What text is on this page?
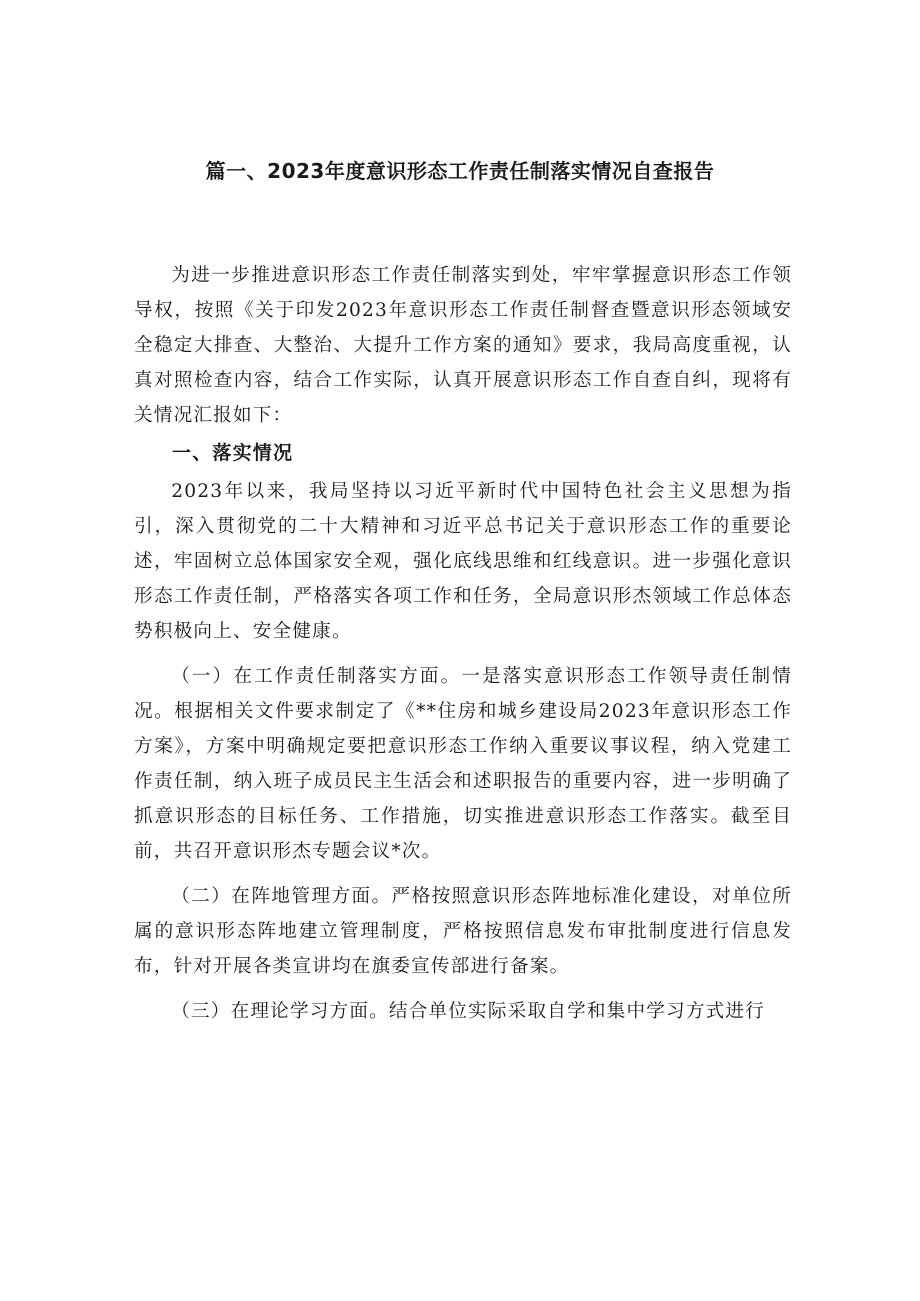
篇一、2023年度意识形态工作责任制落实情况自查报告

为进一步推进意识形态工作责任制落实到处，牢牢掌握意识形态工作领导权，按照《关于印发2023年意识形态工作责任制督查暨意识形态领域安全稳定大排查、大整治、大提升工作方案的通知》要求，我局高度重视，认真对照检查内容，结合工作实际，认真开展意识形态工作自查自纠，现将有关情况汇报如下：

一、落实情况

2023年以来，我局坚持以习近平新时代中国特色社会主义思想为指引，深入贯彻党的二十大精神和习近平总书记关于意识形态工作的重要论述，牢固树立总体国家安全观，强化底线思维和红线意识。进一步强化意识形态工作责任制，严格落实各项工作和任务，全局意识形杰领域工作总体态势积极向上、安全健康。

（一）在工作责任制落实方面。一是落实意识形态工作领导责任制情况。根据相关文件要求制定了《**住房和城乡建设局2023年意识形态工作方案》，方案中明确规定要把意识形态工作纳入重要议事议程，纳入党建工作责任制，纳入班子成员民主生活会和述职报告的重要内容，进一步明确了抓意识形态的目标任务、工作措施，切实推进意识形态工作落实。截至目前，共召开意识形杰专题会议*次。

（二）在阵地管理方面。严格按照意识形态阵地标准化建设，对单位所属的意识形态阵地建立管理制度，严格按照信息发布审批制度进行信息发布，针对开展各类宣讲均在旗委宣传部进行备案。

（三）在理论学习方面。结合单位实际采取自学和集中学习方式进行
